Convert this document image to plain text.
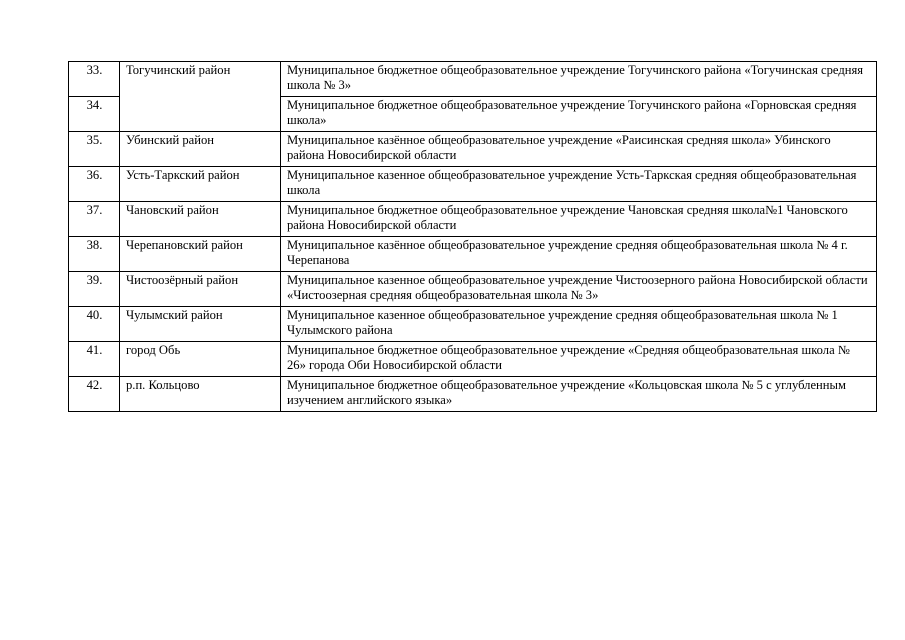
33.	Тогучинский район	Муниципальное бюджетное общеобразовательное учреждение Тогучинского района «Тогучинская средняя школа № 3»
34.		Муниципальное бюджетное общеобразовательное учреждение Тогучинского района «Горновская средняя школа»
35.	Убинский район	Муниципальное казённое общеобразовательное учреждение «Раисинская средняя школа» Убинского района Новосибирской области
36.	Усть-Таркский район	Муниципальное казенное общеобразовательное учреждение Усть-Таркская средняя общеобразовательная школа
37.	Чановский район	Муниципальное бюджетное общеобразовательное учреждение Чановская средняя школа№1 Чановского района Новосибирской области
38.	Черепановский район	Муниципальное казённое общеобразовательное учреждение средняя общеобразовательная школа № 4 г. Черепанова
39.	Чистоозёрный район	Муниципальное казенное общеобразовательное учреждение Чистоозерного района Новосибирской области «Чистоозерная средняя общеобразовательная школа № 3»
40.	Чулымский район	Муниципальное казенное общеобразовательное учреждение средняя общеобразовательная школа № 1 Чулымского района
41.	город Обь	Муниципальное бюджетное общеобразовательное учреждение «Средняя общеобразовательная школа № 26» города Оби Новосибирской области
42.	р.п. Кольцово	Муниципальное бюджетное общеобразовательное учреждение «Кольцовская школа № 5 с углубленным изучением английского языка»
